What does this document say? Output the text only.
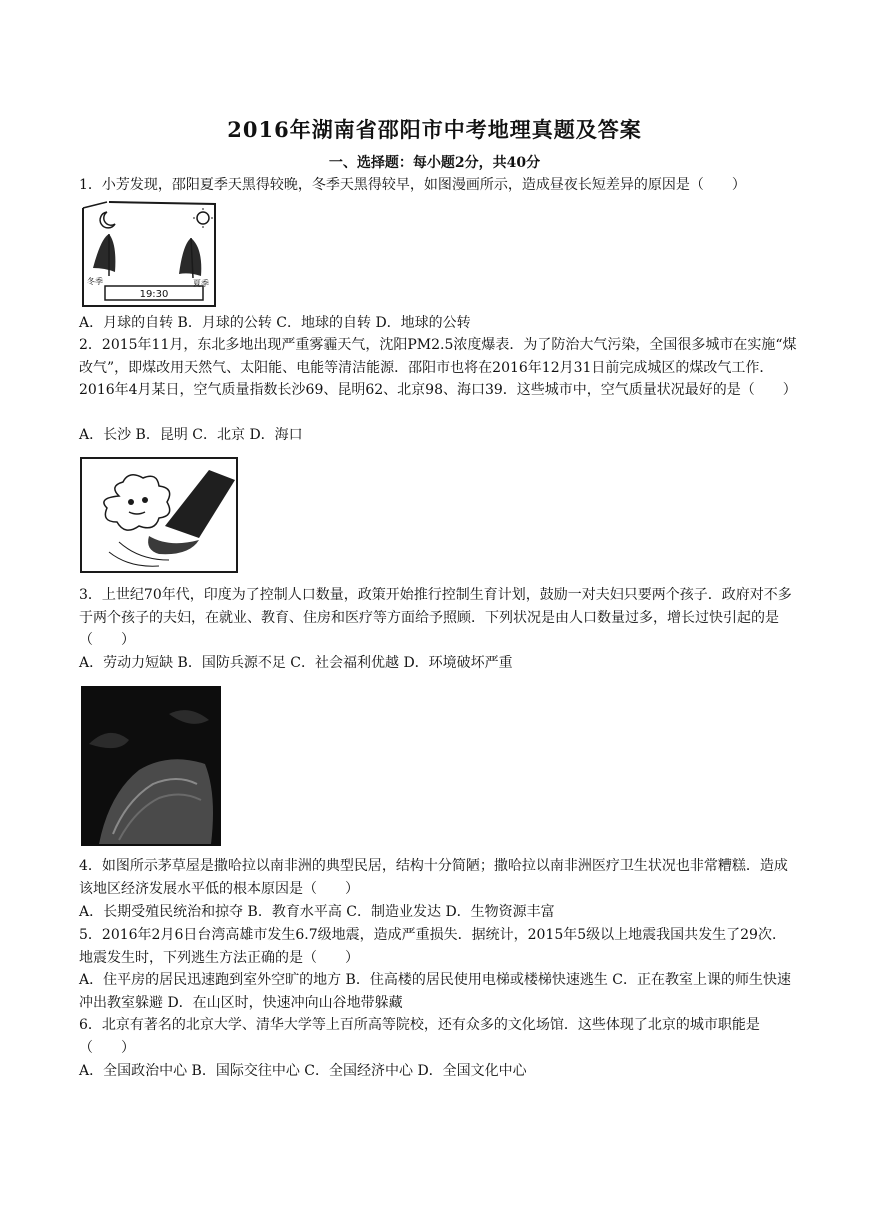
2016年湖南省邵阳市中考地理真题及答案
一、选择题：每小题2分，共40分
1．小芳发现，邵阳夏季天黑得较晚，冬季天黑得较早，如图漫画所示，造成昼夜长短差异的原因是（　　）
19:30
冬季	夏季
A．月球的自转 B．月球的公转 C．地球的自转 D．地球的公转
2．2015年11月，东北多地出现严重雾霾天气，沈阳PM2.5浓度爆表．为了防治大气污染，全国很多城市在实施“煤改气”，即煤改用天然气、太阳能、电能等清洁能源．邵阳市也将在2016年12月31日前完成城区的煤改气工作．2016年4月某日，空气质量指数长沙69、昆明62、北京98、海口39．这些城市中，空气质量状况最好的是（　　）
A．长沙 B．昆明 C．北京 D．海口
3．上世纪70年代，印度为了控制人口数量，政策开始推行控制生育计划，鼓励一对夫妇只要两个孩子．政府对不多于两个孩子的夫妇，在就业、教育、住房和医疗等方面给予照顾．下列状况是由人口数量过多，增长过快引起的是（　　）
A．劳动力短缺 B．国防兵源不足 C．社会福利优越 D．环境破坏严重
4．如图所示茅草屋是撒哈拉以南非洲的典型民居，结构十分简陋；撒哈拉以南非洲医疗卫生状况也非常糟糕．造成该地区经济发展水平低的根本原因是（　　）
A．长期受殖民统治和掠夺 B．教育水平高 C．制造业发达 D．生物资源丰富
5．2016年2月6日台湾高雄市发生6.7级地震，造成严重损失．据统计，2015年5级以上地震我国共发生了29次．地震发生时，下列逃生方法正确的是（　　）
A．住平房的居民迅速跑到室外空旷的地方 B．住高楼的居民使用电梯或楼梯快速逃生 C．正在教室上课的师生快速冲出教室躲避 D．在山区时，快速冲向山谷地带躲藏
6．北京有著名的北京大学、清华大学等上百所高等院校，还有众多的文化场馆．这些体现了北京的城市职能是（　　）
A．全国政治中心 B．国际交往中心 C．全国经济中心 D．全国文化中心
